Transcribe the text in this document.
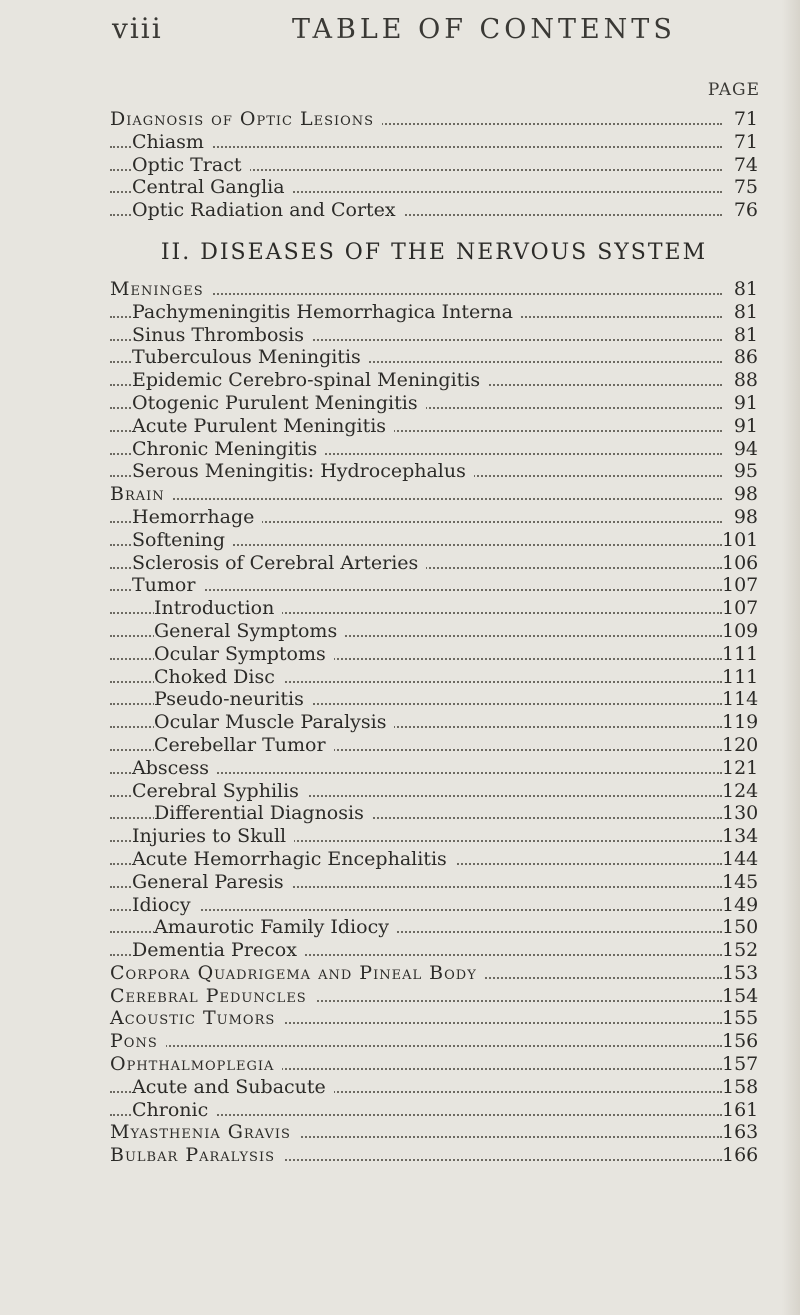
viii	TABLE OF CONTENTS
PAGE
Diagnosis of Optic Lesions	71
Chiasm	71
Optic Tract	74
Central Ganglia	75
Optic Radiation and Cortex	76
II. DISEASES OF THE NERVOUS SYSTEM
Meninges	81
Pachymeningitis Hemorrhagica Interna	81
Sinus Thrombosis	81
Tuberculous Meningitis	86
Epidemic Cerebro-spinal Meningitis	88
Otogenic Purulent Meningitis	91
Acute Purulent Meningitis	91
Chronic Meningitis	94
Serous Meningitis: Hydrocephalus	95
Brain	98
Hemorrhage	98
Softening	101
Sclerosis of Cerebral Arteries	106
Tumor	107
Introduction	107
General Symptoms	109
Ocular Symptoms	111
Choked Disc	111
Pseudo-neuritis	114
Ocular Muscle Paralysis	119
Cerebellar Tumor	120
Abscess	121
Cerebral Syphilis	124
Differential Diagnosis	130
Injuries to Skull	134
Acute Hemorrhagic Encephalitis	144
General Paresis	145
Idiocy	149
Amaurotic Family Idiocy	150
Dementia Precox	152
Corpora Quadrigema and Pineal Body	153
Cerebral Peduncles	154
Acoustic Tumors	155
Pons	156
Ophthalmoplegia	157
Acute and Subacute	158
Chronic	161
Myasthenia Gravis	163
Bulbar Paralysis	166
